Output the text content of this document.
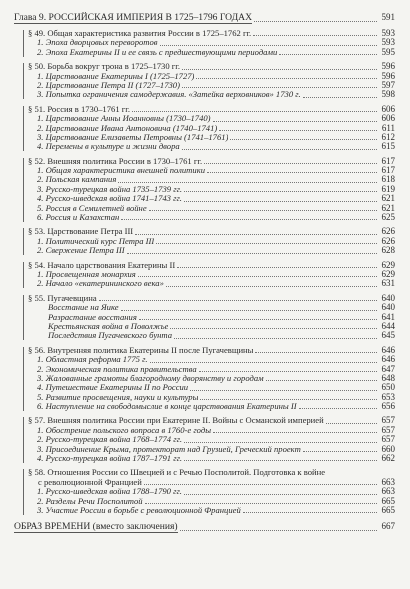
Глава 9. РОССИЙСКАЯ ИМПЕРИЯ В 1725–1796 ГОДАХ	591
§ 49. Общая характеристика развития России в 1725–1762 гг.	593
1. Эпоха дворцовых переворотов	593
2. Эпоха Екатерины II и ее связь с предшествующими периодами	595
§ 50. Борьба вокруг трона в 1725–1730 гг.	596
1. Царствование Екатерины I (1725–1727)	596
2. Царствование Петра II (1727–1730)	597
3. Попытка ограничения самодержавия. «Затейка верховников» 1730 г.	598
§ 51. Россия в 1730–1761 гг.	606
1. Царствование Анны Иоанновны (1730–1740)	606
2. Царствование Ивана Антоновича (1740–1741)	611
3. Царствование Елизаветы Петровны (1741–1761)	612
4. Перемены в культуре и жизни двора	615
§ 52. Внешняя политика России в 1730–1761 гг.	617
1. Общая характеристика внешней политики	617
2. Польская кампания	618
3. Русско-турецкая война 1735–1739 гг.	619
4. Русско-шведская война 1741–1743 гг.	621
5. Россия в Семилетней войне	621
6. Россия и Казахстан	625
§ 53. Царствование Петра III	626
1. Политический курс Петра III	626
2. Свержение Петра III	628
§ 54. Начало царствования Екатерины II	629
1. Просвещенная монархия	629
2. Начало «екатерининского века»	631
§ 55. Пугачевщина	640
Восстание на Яике	640
Разрастание восстания	641
Крестьянская война в Поволжье	644
Последствия Пугачевского бунта	645
§ 56. Внутренняя политика Екатерины II после Пугачевщины	646
1. Областная реформа 1775 г.	646
2. Экономическая политика правительства	647
3. Жалованные грамоты благородному дворянству и городам	648
4. Путешествие Екатерины II по России	650
5. Развитие просвещения, науки и культуры	653
6. Наступление на свободомыслие в конце царствования Екатерины II	656
§ 57. Внешняя политика России при Екатерине II. Войны с Османской империей	657
1. Обострение польского вопроса в 1760-е годы	657
2. Русско-турецкая война 1768–1774 гг.	657
3. Присоединение Крыма, протекторат над Грузией, Греческий проект	660
4. Русско-турецкая война 1787–1791 гг.	662
§ 58. Отношения России со Швецией и с Речью Посполитой. Подготовка к войне
с революционной Францией	663
1. Русско-шведская война 1788–1790 гг.	663
2. Разделы Речи Посполитой	665
3. Участие России в борьбе с революционной Францией	665
ОБРАЗ ВРЕМЕНИ (вместо заключения)	667
